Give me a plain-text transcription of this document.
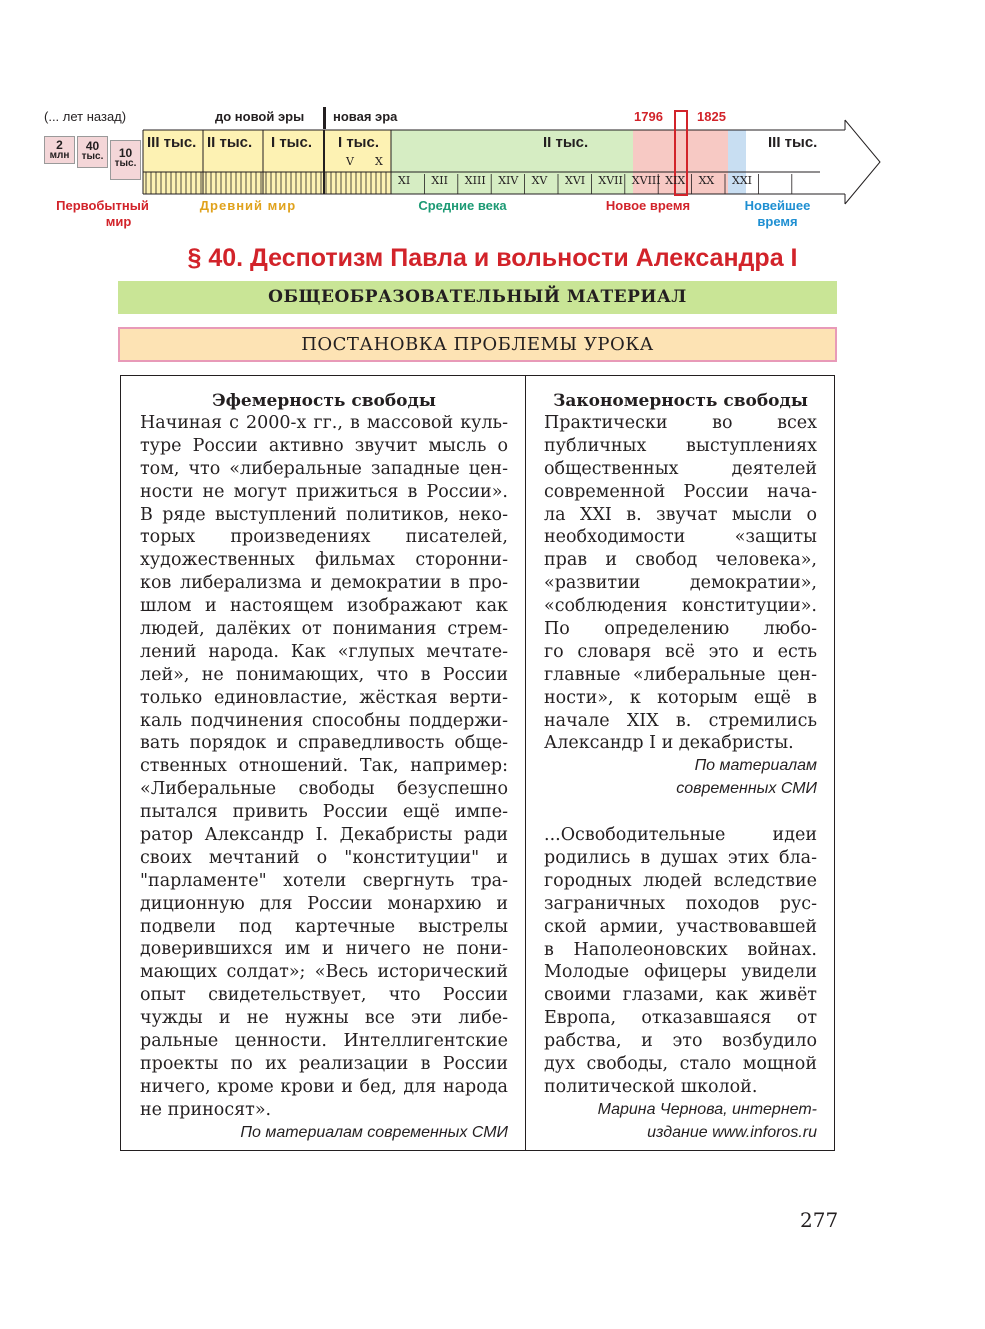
(... лет назад)	до новой эры новая эра	1796	1825
2
млн
40
тыс.	10
тыс.
III тыс. II тыс. I тыс. I тыс.	II тыс.	III тыс.
V X
XI XII XIII XIV XV XVI XVII XVIII XIX XX XXI
Первобытный
мир
Древний мир	Средние века	Новое время	Новейшее
время
§ 40. Деспотизм Павла и вольности Александра I
ОБЩЕОБРАЗОВАТЕЛЬНЫЙ МАТЕРИАЛ
ПОСТАНОВКА ПРОБЛЕМЫ УРОКА
Эфемерность свободы
Начиная с 2000-х гг., в массовой куль-
туре России активно звучит мысль о
том, что «либеральные западные цен-
ности не могут прижиться в России».
В ряде выступлений политиков, неко-
торых произведениях писателей,
художественных фильмах сторонни-
ков либерализма и демократии в про-
шлом и настоящем изображают как
людей, далёких от понимания стрем-
лений народа. Как «глупых мечтате-
лей», не понимающих, что в России
только единовластие, жёсткая верти-
каль подчинения способны поддержи-
вать порядок и справедливость обще-
ственных отношений. Так, например:
«Либеральные свободы безуспешно
пытался привить России ещё импе-
ратор Александр I. Декабристы ради
своих мечтаний о "конституции" и
"парламенте" хотели свергнуть тра-
диционную для России монархию и
подвели под картечные выстрелы
доверившихся им и ничего не пони-
мающих солдат»; «Весь исторический
опыт свидетельствует, что России
чужды и не нужны все эти либе-
ральные ценности. Интеллигентские
проекты по их реализации в России
ничего, кроме крови и бед, для народа
не приносят».
По материалам современных СМИ
Закономерность свободы
Практически во всех
публичных выступлениях
общественных деятелей
современной России нача-
ла XXI в. звучат мысли о
необходимости «защиты
прав и свобод человека»,
«развитии демократии»,
«соблюдения конституции».
По определению любо-
го словаря всё это и есть
главные «либеральные цен-
ности», к которым ещё в
начале XIX в. стремились
Александр I и декабристы.
По материалам
современных СМИ
...Освободительные идеи
родились в душах этих бла-
городных людей вследствие
заграничных походов рус-
ской армии, участвовавшей
в Наполеоновских войнах.
Молодые офицеры увидели
своими глазами, как живёт
Европа, отказавшаяся от
рабства, и это возбудило
дух свободы, стало мощной
политической школой.
Марина Чернова, интернет-
издание www.inforos.ru
277
